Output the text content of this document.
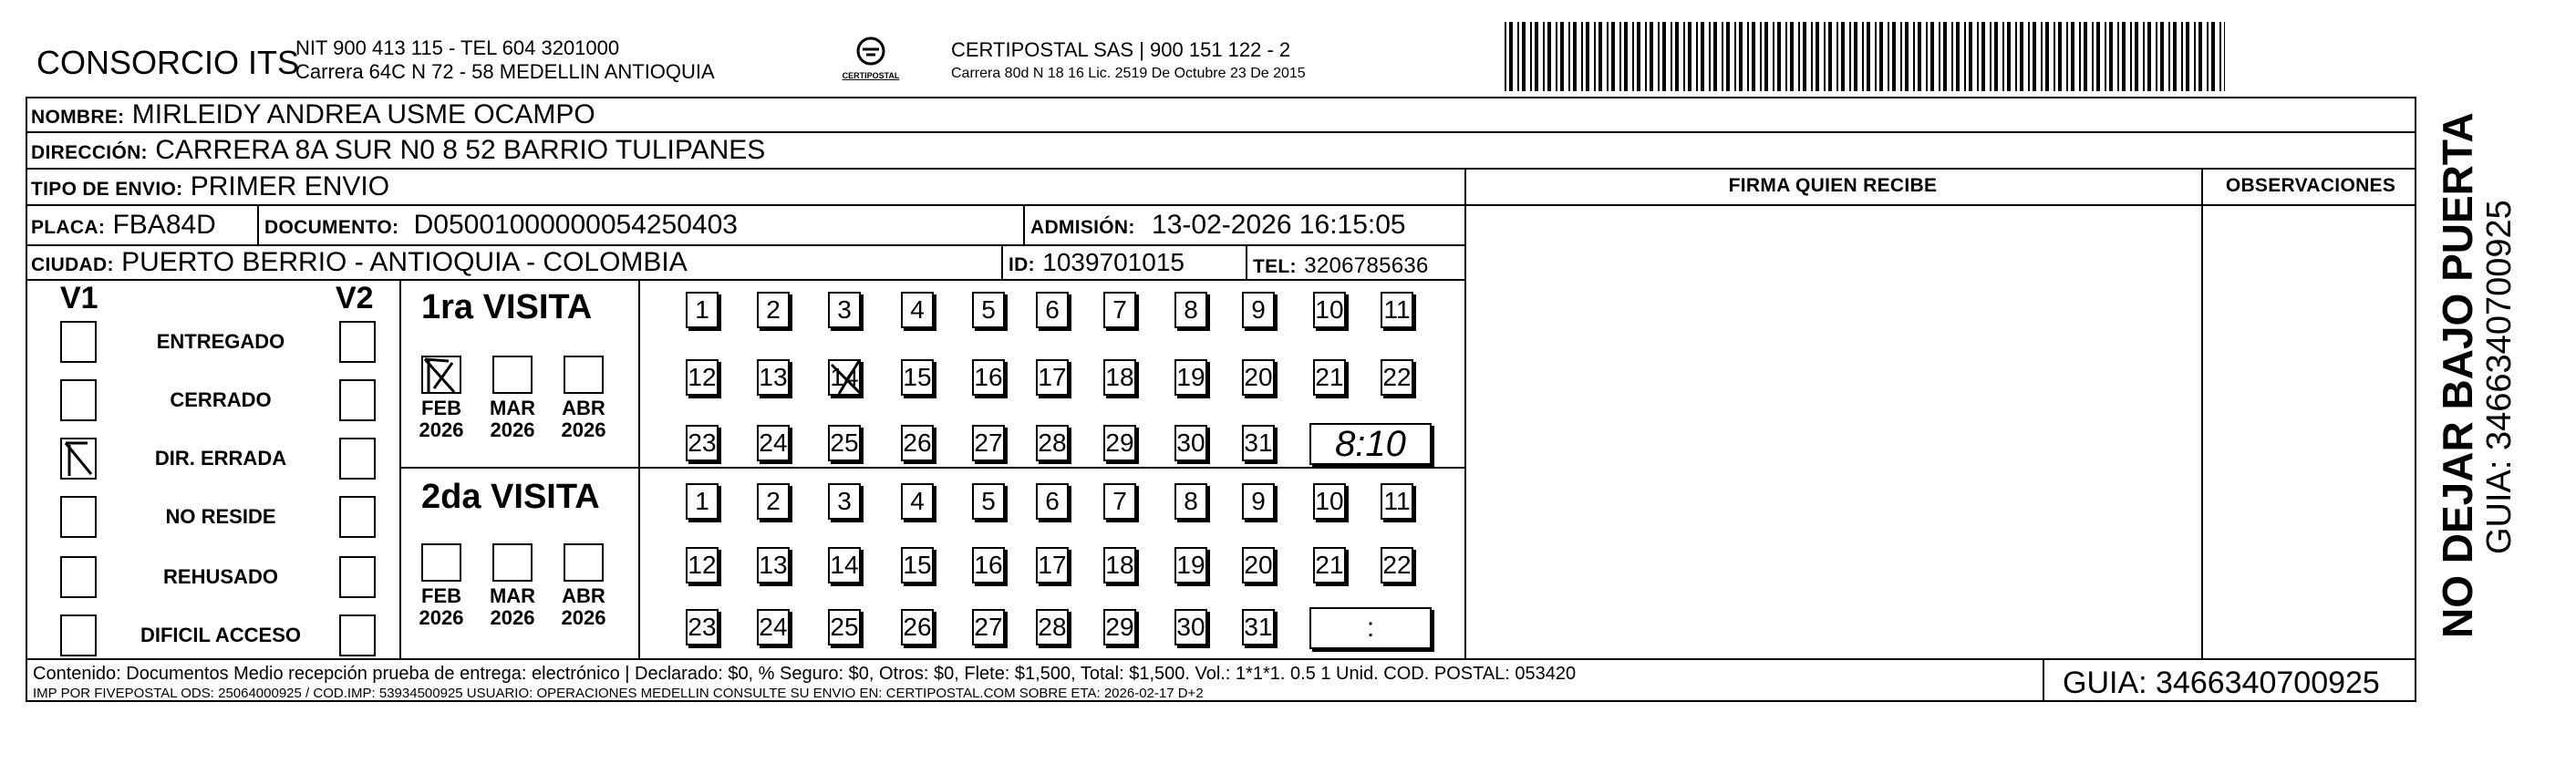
CONSORCIO ITS
NIT 900 413 115 - TEL 604 3201000
Carrera 64C N 72 - 58 MEDELLIN ANTIOQUIA	CERTIPOSTAL
CERTIPOSTAL SAS | 900 151 122 - 2
Carrera 80d N 18 16 Lic. 2519 De Octubre 23 De 2015
NOMBRE: MIRLEIDY ANDREA USME OCAMPO
DIRECCIÓN: CARRERA 8A SUR N0 8 52 BARRIO TULIPANES
TIPO DE ENVIO: PRIMER ENVIO
PLACA: FBA84D	DOCUMENTO: D05001000000054250403	ADMISIÓN: 13-02-2026 16:15:05
CIUDAD: PUERTO BERRIO - ANTIOQUIA - COLOMBIA	ID: 1039701015	TEL: 3206785636
FIRMA QUIEN RECIBE	OBSERVACIONES
V1	V2
ENTREGADO
CERRADO
DIR. ERRADA
NO RESIDE
REHUSADO
DIFICIL ACCESO
1ra VISITA
2da VISITA
FEB
2026
MAR
2026
ABR
2026
1	2	3	4	5	6	7	8	9	10 11
12 13 14 15 16 17 18 19 20 21 22
23 24 25 26 27 28 29 30 31	8:10
FEB
2026
MAR
2026
ABR
2026
1	2	3	4	5	6	7	8	9	10 11
12 13 14 15 16 17 18 19 20 21 22
23 24 25 26 27 28 29 30 31	:	NO DEJAR BAJO PUERTA GUIA: 3466340700925
Contenido: Documentos Medio recepción prueba de entrega: electrónico | Declarado: $0, % Seguro: $0, Otros: $0, Flete: $1,500, Total: $1,500. Vol.: 1*1*1. 0.5 1 Unid. COD. POSTAL: 053420
IMP POR FIVEPOSTAL ODS: 25064000925 / COD.IMP: 53934500925 USUARIO: OPERACIONES MEDELLIN CONSULTE SU ENVIO EN: CERTIPOSTAL.COM SOBRE ETA: 2026-02-17 D+2	GUIA: 3466340700925
